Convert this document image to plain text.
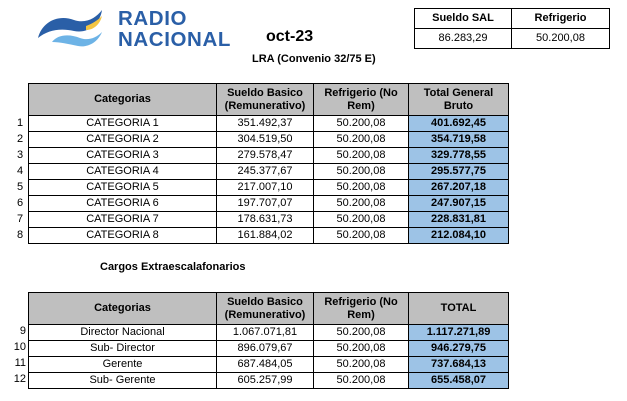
RADIO
NACIONAL oct-23
LRA (Convenio 32/75 E)
Sueldo SAL	Refrigerio
86.283,29	50.200,08
1
2
3
4
5
6
7
8
Categorias	Sueldo Basico (Remunerativo)	Refrigerio (No Rem)	Total General Bruto
CATEGORIA 1	351.492,37	50.200,08	401.692,45
CATEGORIA 2	304.519,50	50.200,08	354.719,58
CATEGORIA 3	279.578,47	50.200,08	329.778,55
CATEGORIA 4	245.377,67	50.200,08	295.577,75
CATEGORIA 5	217.007,10	50.200,08	267.207,18
CATEGORIA 6	197.707,07	50.200,08	247.907,15
CATEGORIA 7	178.631,73	50.200,08	228.831,81
CATEGORIA 8	161.884,02	50.200,08	212.084,10
Cargos Extraescalafonarios
9
10
11
12
Categorias	Sueldo Basico (Remunerativo)	Refrigerio (No Rem)	TOTAL
Director Nacional	1.067.071,81	50.200,08	1.117.271,89
Sub- Director	896.079,67	50.200,08	946.279,75
Gerente	687.484,05	50.200,08	737.684,13
Sub- Gerente	605.257,99	50.200,08	655.458,07
